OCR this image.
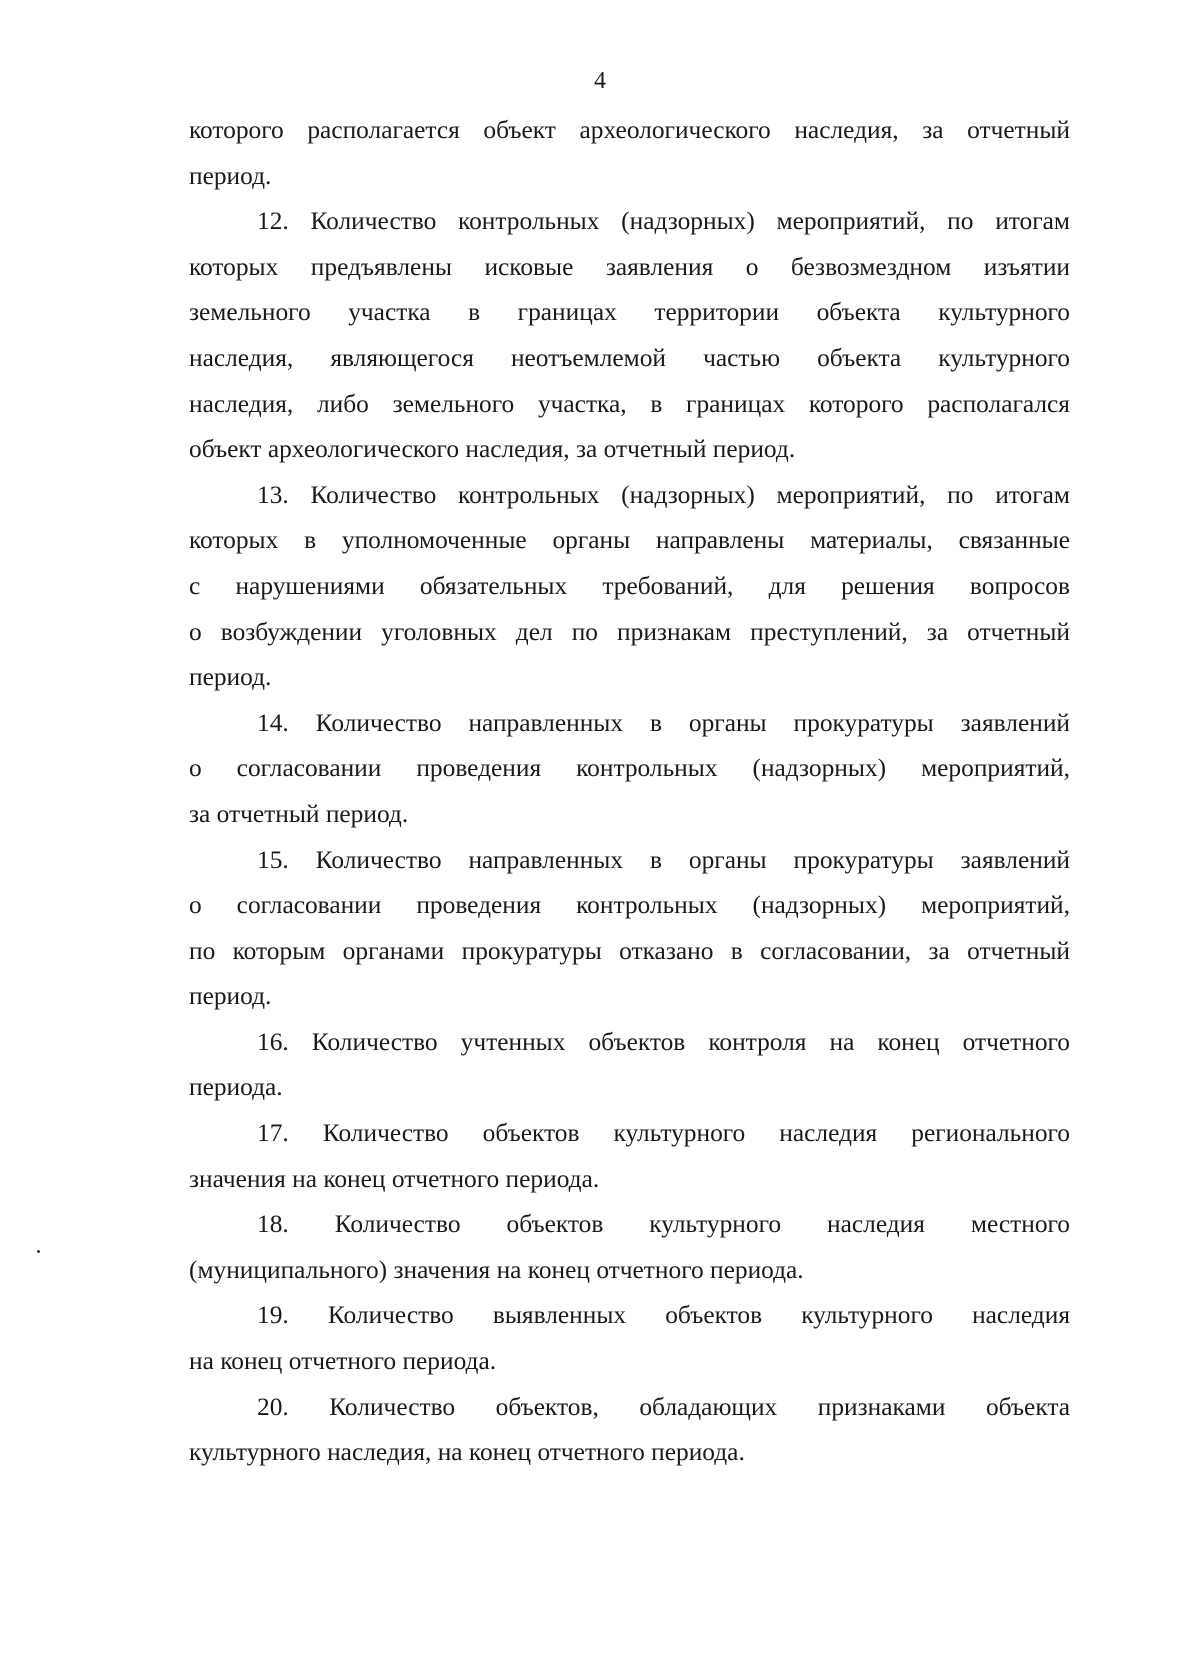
4
которого располагается объект археологического наследия, за отчетный
период.
12. Количество контрольных (надзорных) мероприятий, по итогам
которых предъявлены исковые заявления о безвозмездном изъятии
земельного участка в границах территории объекта культурного
наследия, являющегося неотъемлемой частью объекта культурного
наследия, либо земельного участка, в границах которого располагался
объект археологического наследия, за отчетный период.
13. Количество контрольных (надзорных) мероприятий, по итогам
которых в уполномоченные органы направлены материалы, связанные
с нарушениями обязательных требований, для решения вопросов
о возбуждении уголовных дел по признакам преступлений, за отчетный
период.
14. Количество направленных в органы прокуратуры заявлений
о согласовании проведения контрольных (надзорных) мероприятий,
за отчетный период.
15. Количество направленных в органы прокуратуры заявлений
о согласовании проведения контрольных (надзорных) мероприятий,
по которым органами прокуратуры отказано в согласовании, за отчетный
период.
16. Количество учтенных объектов контроля на конец отчетного
периода.
17. Количество объектов культурного наследия регионального
значения на конец отчетного периода.
18. Количество объектов культурного наследия местного
(муниципального) значения на конец отчетного периода.
19. Количество выявленных объектов культурного наследия
на конец отчетного периода.
20. Количество объектов, обладающих признаками объекта
культурного наследия, на конец отчетного периода.
